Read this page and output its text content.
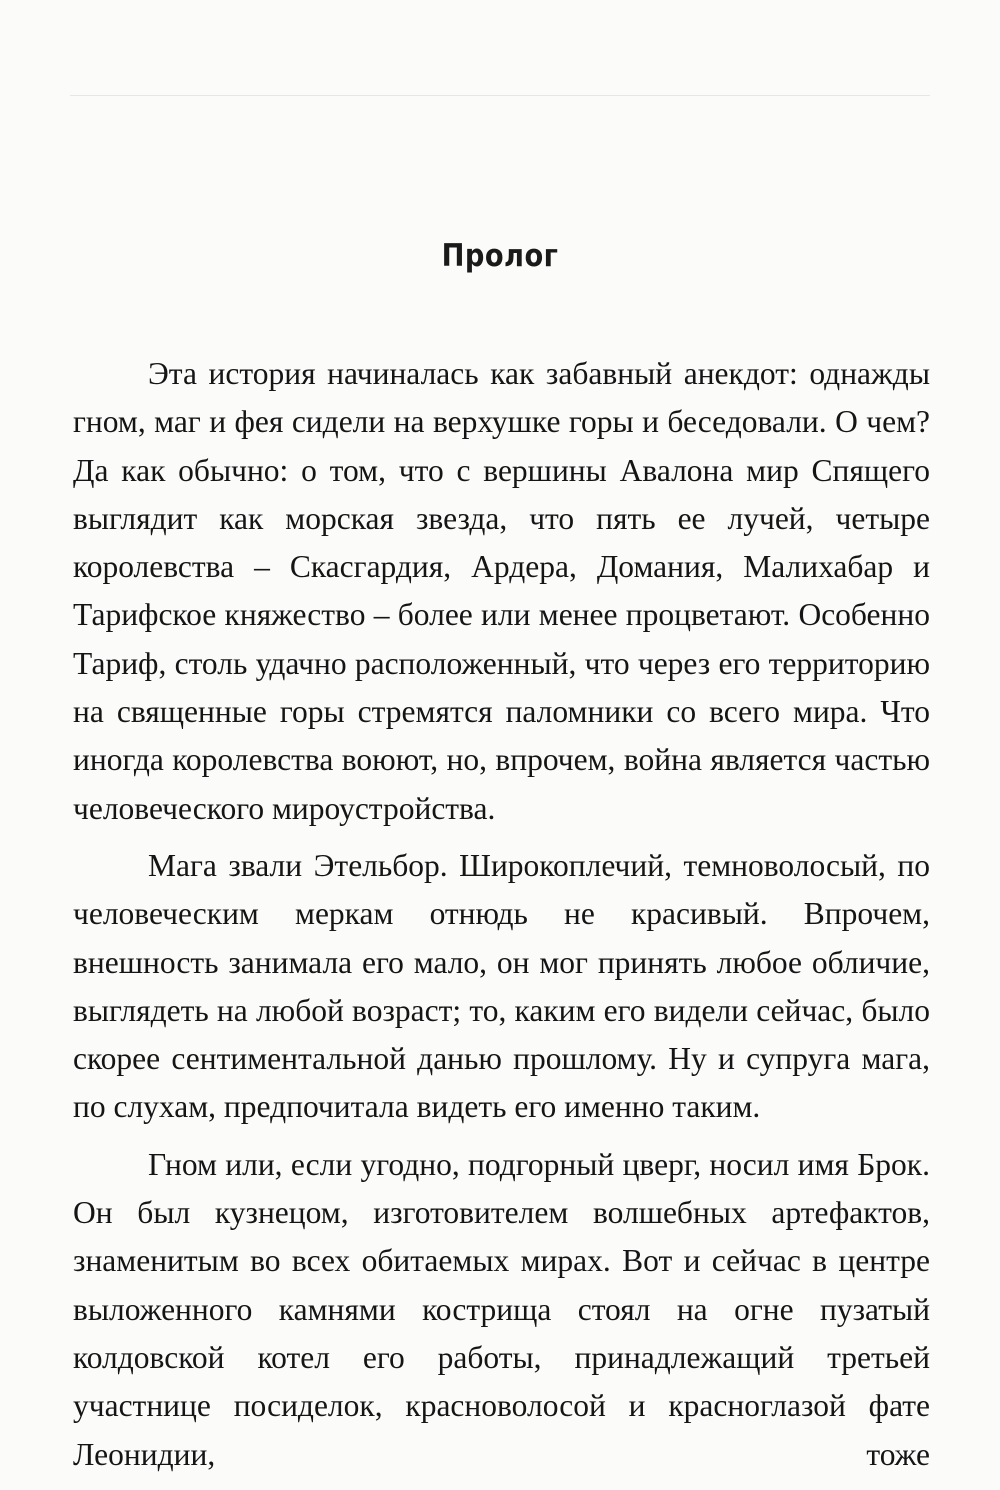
Пролог

Эта история начиналась как забавный анекдот: однажды гном, маг и фея сидели на верхушке горы и беседовали. О чем? Да как обычно: о том, что с вершины Авалона мир Спящего выглядит как морская звезда, что пять ее лучей, четыре королевства – Скасгардия, Ардера, Домания, Малихабар и Тарифское княжество – более или менее процветают. Особенно Тариф, столь удачно расположенный, что через его территорию на священные горы стремятся паломники со всего мира. Что иногда королевства воюют, но, впрочем, война является частью человеческого мироустройства.

Мага звали Этельбор. Широкоплечий, темноволосый, по человеческим меркам отнюдь не красивый. Впрочем, внешность занимала его мало, он мог принять любое обличие, выглядеть на любой возраст; то, каким его видели сейчас, было скорее сентиментальной данью прошлому. Ну и супруга мага, по слухам, предпочитала видеть его именно таким.

Гном или, если угодно, подгорный цверг, носил имя Брок. Он был кузнецом, изготовителем волшебных артефактов, знаменитым во всех обитаемых мирах. Вот и сейчас в центре выложенного камнями кострища стоял на огне пузатый колдовской котел его работы, принадлежащий третьей участнице посиделок, красноволосой и красноглазой фате Леонидии, тоже
